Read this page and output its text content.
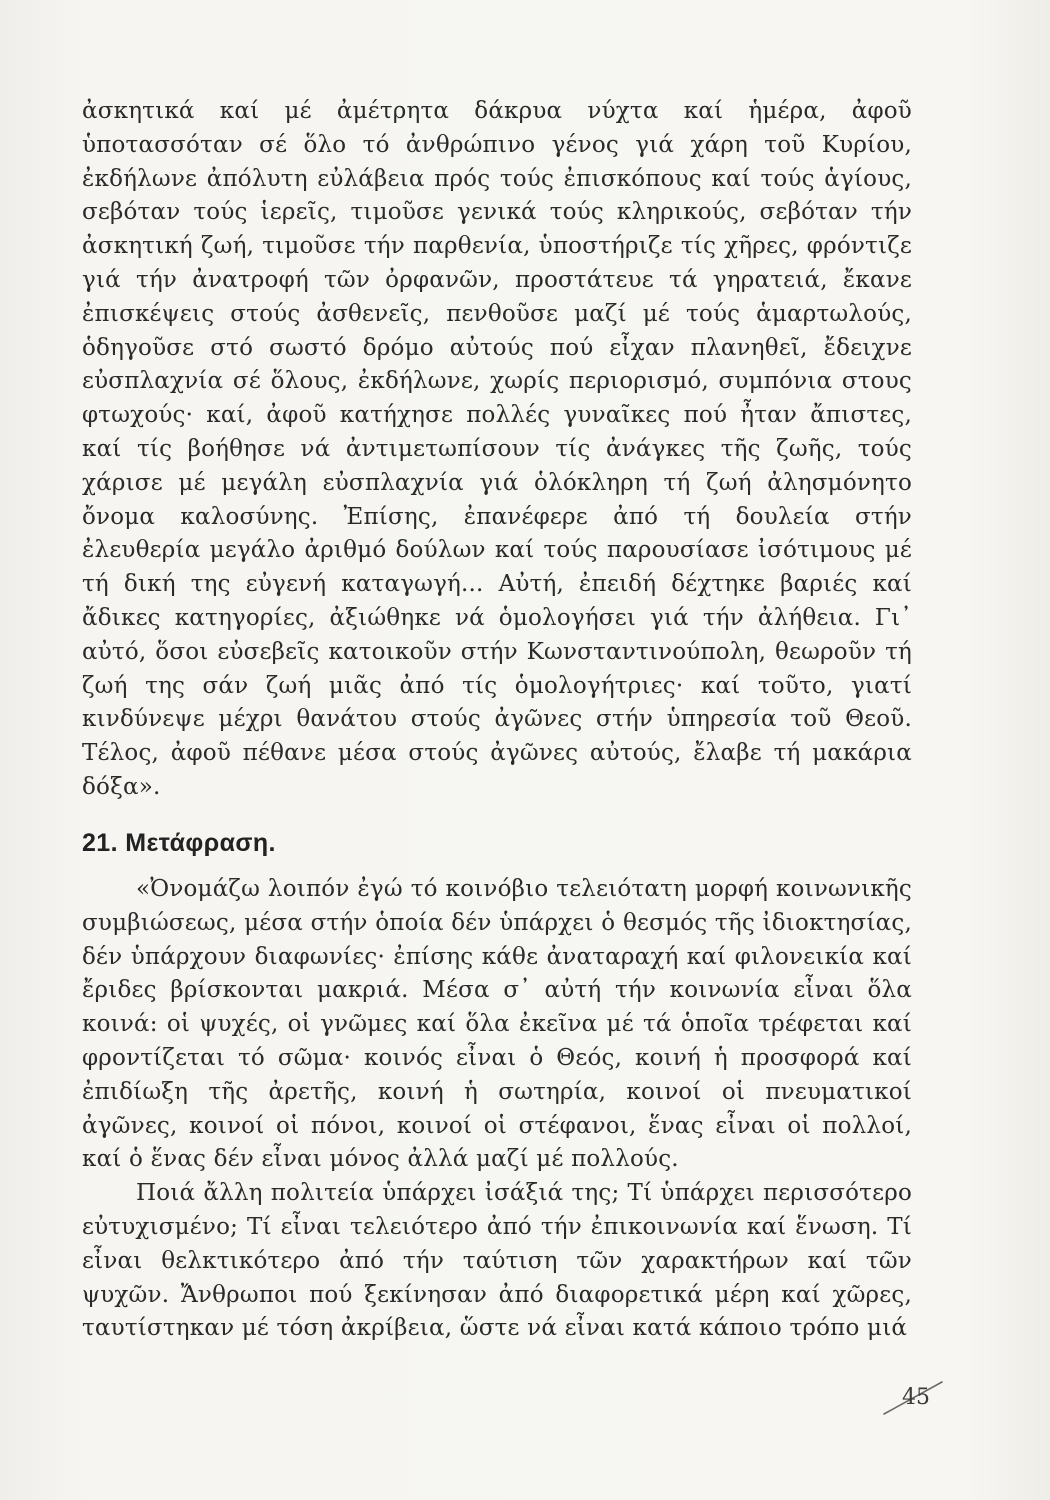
ἀσκητικά καί μέ ἀμέτρητα δάκρυα νύχτα καί ἡμέρα, ἀφοῦ ὑποτασσόταν σέ ὅλο τό ἀνθρώπινο γένος γιά χάρη τοῦ Κυρίου, ἐκδήλωνε ἀπόλυτη εὐλάβεια πρός τούς ἐπισκόπους καί τούς ἁγίους, σεβόταν τούς ἱερεῖς, τιμοῦσε γενικά τούς κληρικούς, σεβόταν τήν ἀσκητική ζωή, τιμοῦσε τήν παρθενία, ὑποστήριζε τίς χῆρες, φρόντιζε γιά τήν ἀνατροφή τῶν ὀρφανῶν, προστάτευε τά γηρατειά, ἔκανε ἐπισκέψεις στούς ἀσθενεῖς, πενθοῦσε μαζί μέ τούς ἁμαρτωλούς, ὁδηγοῦσε στό σωστό δρόμο αὐτούς πού εἶχαν πλανηθεῖ, ἔδειχνε εὐσπλαχνία σέ ὅλους, ἐκδήλωνε, χωρίς περιορισμό, συμπόνια στους φτωχούς· καί, ἀφοῦ κατήχησε πολλές γυναῖκες πού ἦταν ἄπιστες, καί τίς βοήθησε νά ἀντιμετωπίσουν τίς ἀνάγκες τῆς ζωῆς, τούς χάρισε μέ μεγάλη εὐσπλαχνία γιά ὁλόκληρη τή ζωή ἀλησμόνητο ὄνομα καλοσύνης. Ἐπίσης, ἐπανέφερε ἀπό τή δουλεία στήν ἐλευθερία μεγάλο ἀριθμό δούλων καί τούς παρουσίασε ἰσότιμους μέ τή δική της εὐγενή καταγωγή... Αὐτή, ἐπειδή δέχτηκε βαριές καί ἄδικες κατηγορίες, ἀξιώθηκε νά ὁμολογήσει γιά τήν ἀλήθεια. Γι᾽ αὐτό, ὅσοι εὐσεβεῖς κατοικοῦν στήν Κωνσταντινούπολη, θεωροῦν τή ζωή της σάν ζωή μιᾶς ἀπό τίς ὁμολογήτριες· καί τοῦτο, γιατί κινδύνεψε μέχρι θανάτου στούς ἀγῶνες στήν ὑπηρεσία τοῦ Θεοῦ. Τέλος, ἀφοῦ πέθανε μέσα στούς ἀγῶνες αὐτούς, ἔλαβε τή μακάρια δόξα».

21. Μετάφραση.

«Ὀνομάζω λοιπόν ἐγώ τό κοινόβιο τελειότατη μορφή κοινωνικῆς συμβιώσεως, μέσα στήν ὁποία δέν ὑπάρχει ὁ θεσμός τῆς ἰδιοκτησίας, δέν ὑπάρχουν διαφωνίες· ἐπίσης κάθε ἀναταραχή καί φιλονεικία καί ἔριδες βρίσκονται μακριά. Μέσα σ᾽ αὐτή τήν κοινωνία εἶναι ὅλα κοινά: οἱ ψυχές, οἱ γνῶμες καί ὅλα ἐκεῖνα μέ τά ὁποῖα τρέφεται καί φροντίζεται τό σῶμα· κοινός εἶναι ὁ Θεός, κοινή ἡ προσφορά καί ἐπιδίωξη τῆς ἀρετῆς, κοινή ἡ σωτηρία, κοινοί οἱ πνευματικοί ἀγῶνες, κοινοί οἱ πόνοι, κοινοί οἱ στέφανοι, ἕνας εἶναι οἱ πολλοί, καί ὁ ἕνας δέν εἶναι μόνος ἀλλά μαζί μέ πολλούς.

Ποιά ἄλλη πολιτεία ὑπάρχει ἰσάξιά της; Τί ὑπάρχει περισσότερο εὐτυχισμένο; Τί εἶναι τελειότερο ἀπό τήν ἐπικοινωνία καί ἕνωση. Τί εἶναι θελκτικότερο ἀπό τήν ταύτιση τῶν χαρακτήρων καί τῶν ψυχῶν. Ἄνθρωποι πού ξεκίνησαν ἀπό διαφορετικά μέρη καί χῶρες, ταυτίστηκαν μέ τόση ἀκρίβεια, ὥστε νά εἶναι κατά κάποιο τρόπο μιά

45
